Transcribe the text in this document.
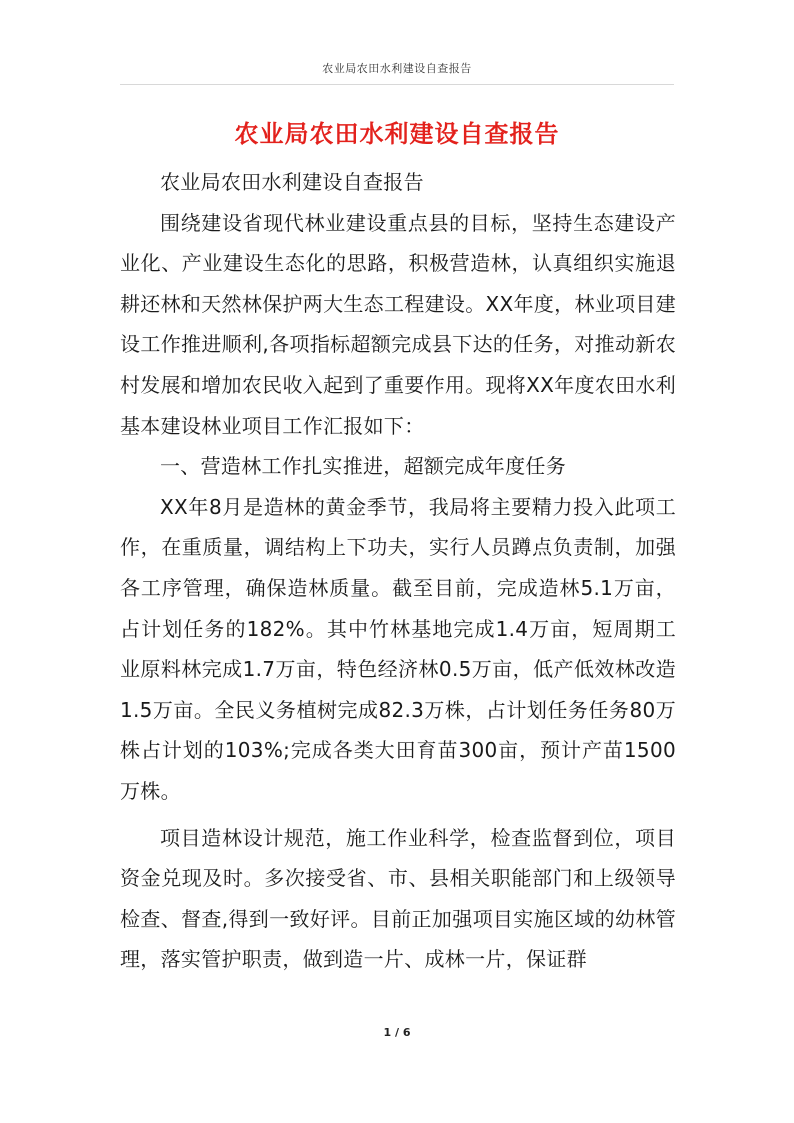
农业局农田水利建设自查报告
农业局农田水利建设自查报告

农业局农田水利建设自查报告

围绕建设省现代林业建设重点县的目标，坚持生态建设产业化、产业建设生态化的思路，积极营造林，认真组织实施退耕还林和天然林保护两大生态工程建设。XX年度，林业项目建设工作推进顺利,各项指标超额完成县下达的任务，对推动新农村发展和增加农民收入起到了重要作用。现将XX年度农田水利基本建设林业项目工作汇报如下：

一、营造林工作扎实推进，超额完成年度任务

XX年8月是造林的黄金季节，我局将主要精力投入此项工作，在重质量，调结构上下功夫，实行人员蹲点负责制，加强各工序管理，确保造林质量。截至目前，完成造林5.1万亩，占计划任务的182%。其中竹林基地完成1.4万亩，短周期工业原料林完成1.7万亩，特色经济林0.5万亩，低产低效林改造1.5万亩。全民义务植树完成82.3万株，占计划任务任务80万株占计划的103%;完成各类大田育苗300亩，预计产苗1500万株。

项目造林设计规范，施工作业科学，检查监督到位，项目资金兑现及时。多次接受省、市、县相关职能部门和上级领导检查、督查,得到一致好评。目前正加强项目实施区域的幼林管理，落实管护职责，做到造一片、成林一片，保证群

1 / 6
